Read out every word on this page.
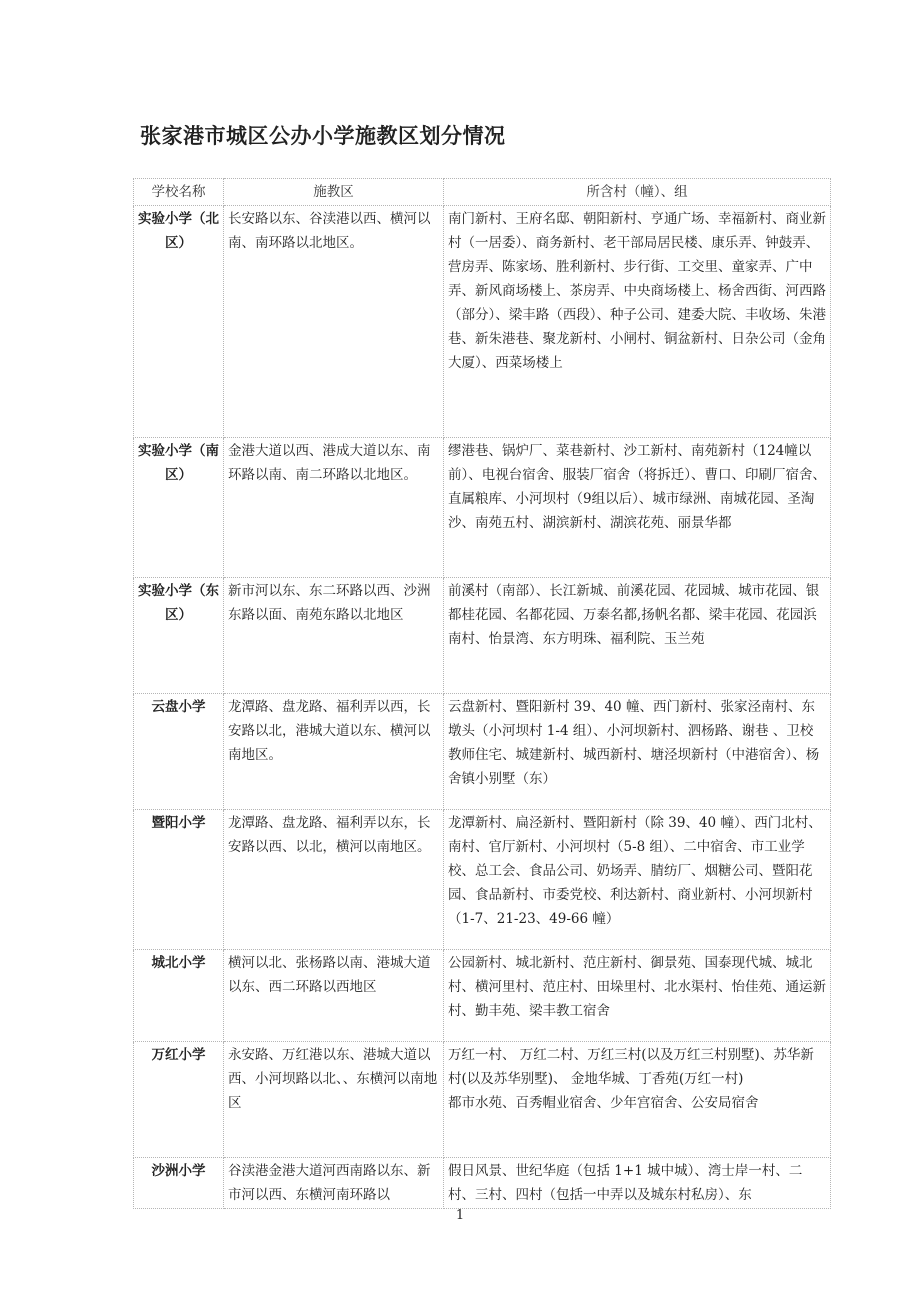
张家港市城区公办小学施教区划分情况
学校名称	施教区	所含村（幢）、组
实验小学（北区）	长安路以东、谷渎港以西、横河以南、南环路以北地区。	南门新村、王府名邸、朝阳新村、亨通广场、幸福新村、商业新村（一居委）、商务新村、老干部局居民楼、康乐弄、钟鼓弄、营房弄、陈家场、胜利新村、步行街、工交里、童家弄、广中弄、新风商场楼上、茶房弄、中央商场楼上、杨舍西街、河西路（部分）、梁丰路（西段）、种子公司、建委大院、丰收场、朱港巷、新朱港巷、聚龙新村、小闸村、铜盆新村、日杂公司（金角大厦）、西菜场楼上
实验小学（南区）	金港大道以西、港成大道以东、南环路以南、南二环路以北地区。	缪港巷、锅炉厂、菜巷新村、沙工新村、南苑新村（124幢以前）、电视台宿舍、服装厂宿舍（将拆迁）、曹口、印刷厂宿舍、直属粮库、小河坝村（9组以后）、城市绿洲、南城花园、圣淘沙、南苑五村、湖滨新村、湖滨花苑、丽景华都
实验小学（东区）	新市河以东、东二环路以西、沙洲东路以面、南苑东路以北地区	前溪村（南部）、长江新城、前溪花园、花园城、城市花园、银都桂花园、名都花园、万泰名都,扬帆名都、梁丰花园、花园浜南村、怡景湾、东方明珠、福利院、玉兰苑
云盘小学	龙潭路、盘龙路、福利弄以西，长安路以北，港城大道以东、横河以南地区。	云盘新村、暨阳新村 39、40 幢、西门新村、张家泾南村、东墩头（小河坝村 1-4 组）、小河坝新村、泗杨路、谢巷 、卫校教师住宅、城建新村、城西新村、塘泾坝新村（中港宿舍）、杨舍镇小别墅（东）
暨阳小学	龙潭路、盘龙路、福利弄以东，长安路以西、以北，横河以南地区。	龙潭新村、扁泾新村、暨阳新村（除 39、40 幢）、西门北村、南村、官厅新村、小河坝村（5-8 组）、二中宿舍、市工业学校、总工会、食品公司、奶场弄、腈纺厂、烟糖公司、暨阳花园、食品新村、市委党校、利达新村、商业新村、小河坝新村（1-7、21-23、49-66 幢）
城北小学	横河以北、张杨路以南、港城大道以东、西二环路以西地区	公园新村、城北新村、范庄新村、御景苑、国泰现代城、城北村、横河里村、范庄村、田垛里村、北水渠村、怡佳苑、通运新村、勤丰苑、梁丰教工宿舍
万红小学	永安路、万红港以东、港城大道以西、小河坝路以北、、东横河以南地区	万红一村、 万红二村、万红三村(以及万红三村别墅)、苏华新村(以及苏华别墅)、 金地华城、丁香苑(万红一村)
都市水苑、百秀帽业宿舍、少年宫宿舍、公安局宿舍

沙洲小学	谷渎港金港大道河西南路以东、新市河以西、东横河南环路以	假日风景、世纪华庭（包括 1+1 城中城）、湾士岸一村、二村、三村、四村（包括一中弄以及城东村私房）、东
1
